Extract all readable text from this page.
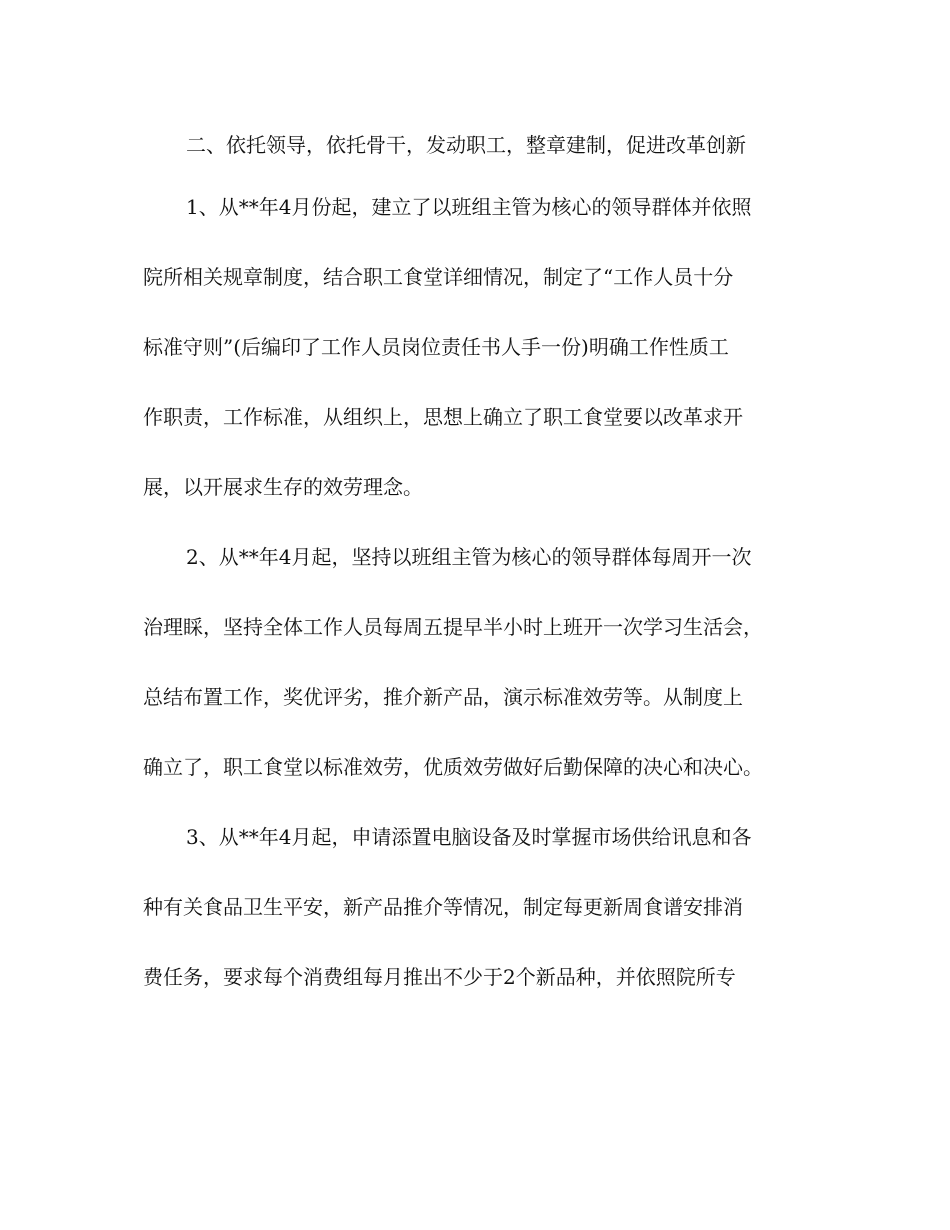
二、依托领导，依托骨干，发动职工，整章建制，促进改革创新
1、从**年4月份起，建立了以班组主管为核心的领导群体并依照
院所相关规章制度，结合职工食堂详细情况，制定了“工作人员十分
标准守则”(后编印了工作人员岗位责任书人手一份)明确工作性质工
作职责，工作标准，从组织上，思想上确立了职工食堂要以改革求开
展，以开展求生存的效劳理念。
2、从**年4月起，坚持以班组主管为核心的领导群体每周开一次
治理睬，坚持全体工作人员每周五提早半小时上班开一次学习生活会，
总结布置工作，奖优评劣，推介新产品，演示标准效劳等。从制度上
确立了，职工食堂以标准效劳，优质效劳做好后勤保障的决心和决心。
3、从**年4月起，申请添置电脑设备及时掌握市场供给讯息和各
种有关食品卫生平安，新产品推介等情况，制定每更新周食谱安排消
费任务，要求每个消费组每月推出不少于2个新品种，并依照院所专
